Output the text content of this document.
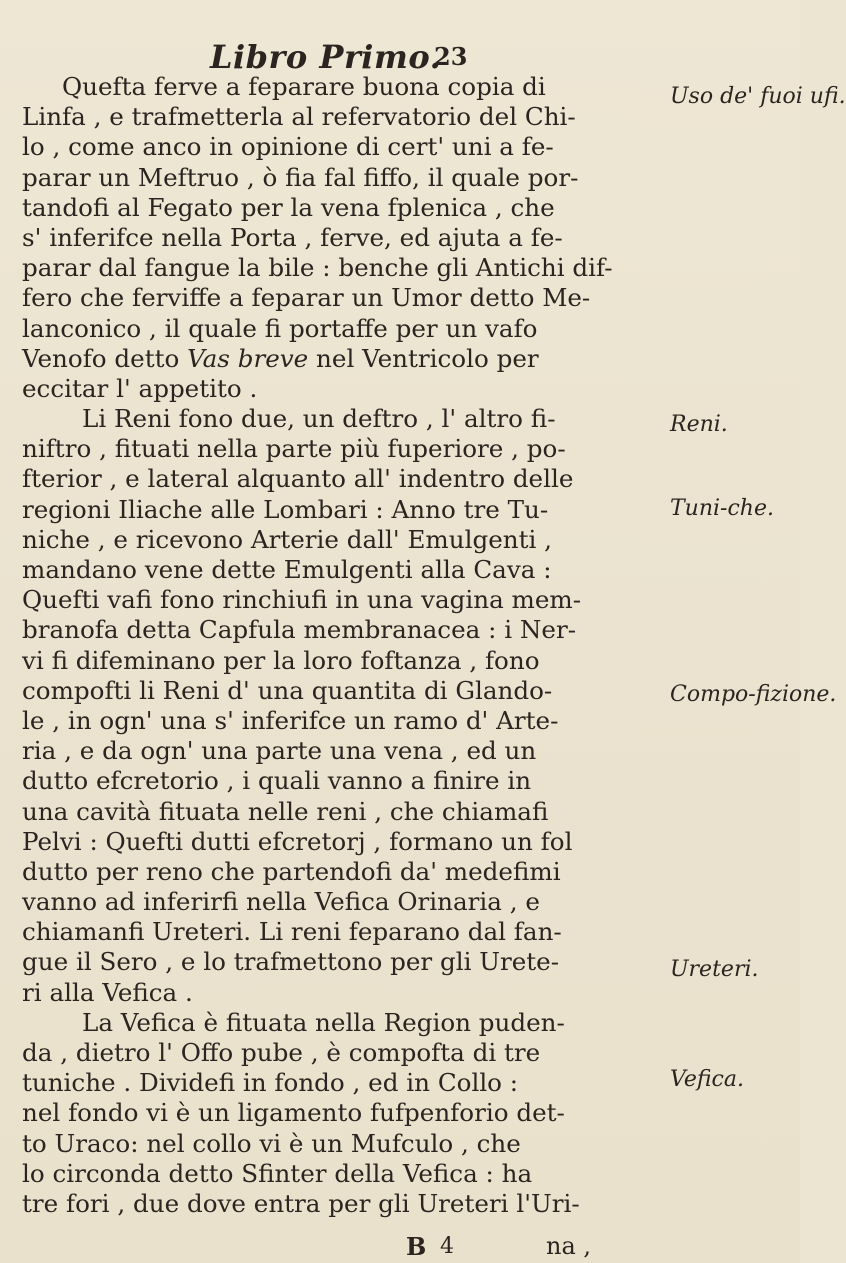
Libro Primo.
23
Quefta ferve a feparare buona copia di
Linfa , e trafmetterla al refervatorio del Chi-
lo , come anco in opinione di cert' uni a fe-
parar un Meftruo , ò fia fal fiffo, il quale por-
tandofi al Fegato per la vena fplenica , che
s' inferifce nella Porta , ferve, ed ajuta a fe-
parar dal fangue la bile : benche gli Antichi dif-
fero che ferviffe a feparar un Umor detto Me-
lanconico , il quale fi portaffe per un vafo
Venofo detto Vas breve nel Ventricolo per
eccitar l' appetito .
Li Reni fono due, un deftro , l' altro fi-
niftro , fituati nella parte più fuperiore , po-
fterior , e lateral alquanto all' indentro delle
regioni Iliache alle Lombari : Anno tre Tu-
niche , e ricevono Arterie dall' Emulgenti ,
mandano vene dette Emulgenti alla Cava :
Quefti vafi fono rinchiufi in una vagina mem-
branofa detta Capfula membranacea : i Ner-
vi fi difeminano per la loro foftanza , fono
compofti li Reni d' una quantita di Glando-
le , in ogn' una s' inferifce un ramo d' Arte-
ria , e da ogn' una parte una vena , ed un
dutto efcretorio , i quali vanno a finire in
una cavità fituata nelle reni , che chiamafi
Pelvi : Quefti dutti efcretorj , formano un fol
dutto per reno che partendofi da' medefimi
vanno ad inferirfi nella Vefica Orinaria , e
chiamanfi Ureteri. Li reni feparano dal fan-
gue il Sero , e lo trafmettono per gli Urete-
ri alla Vefica .
La Vefica è fituata nella Region puden-
da , dietro l' Offo pube , è compofta di tre
tuniche . Dividefi in fondo , ed in Collo :
nel fondo vi è un ligamento fufpenforio det-
to Uraco: nel collo vi è un Mufculo , che
lo circonda detto Sfinter della Vefica : ha
tre fori , due dove entra per gli Ureteri l'Uri-
Uso de' fuoi ufi.
Reni.
Tuni-che.
Compo-fizione.
Ureteri.
Vefica.
B 4	na ,
